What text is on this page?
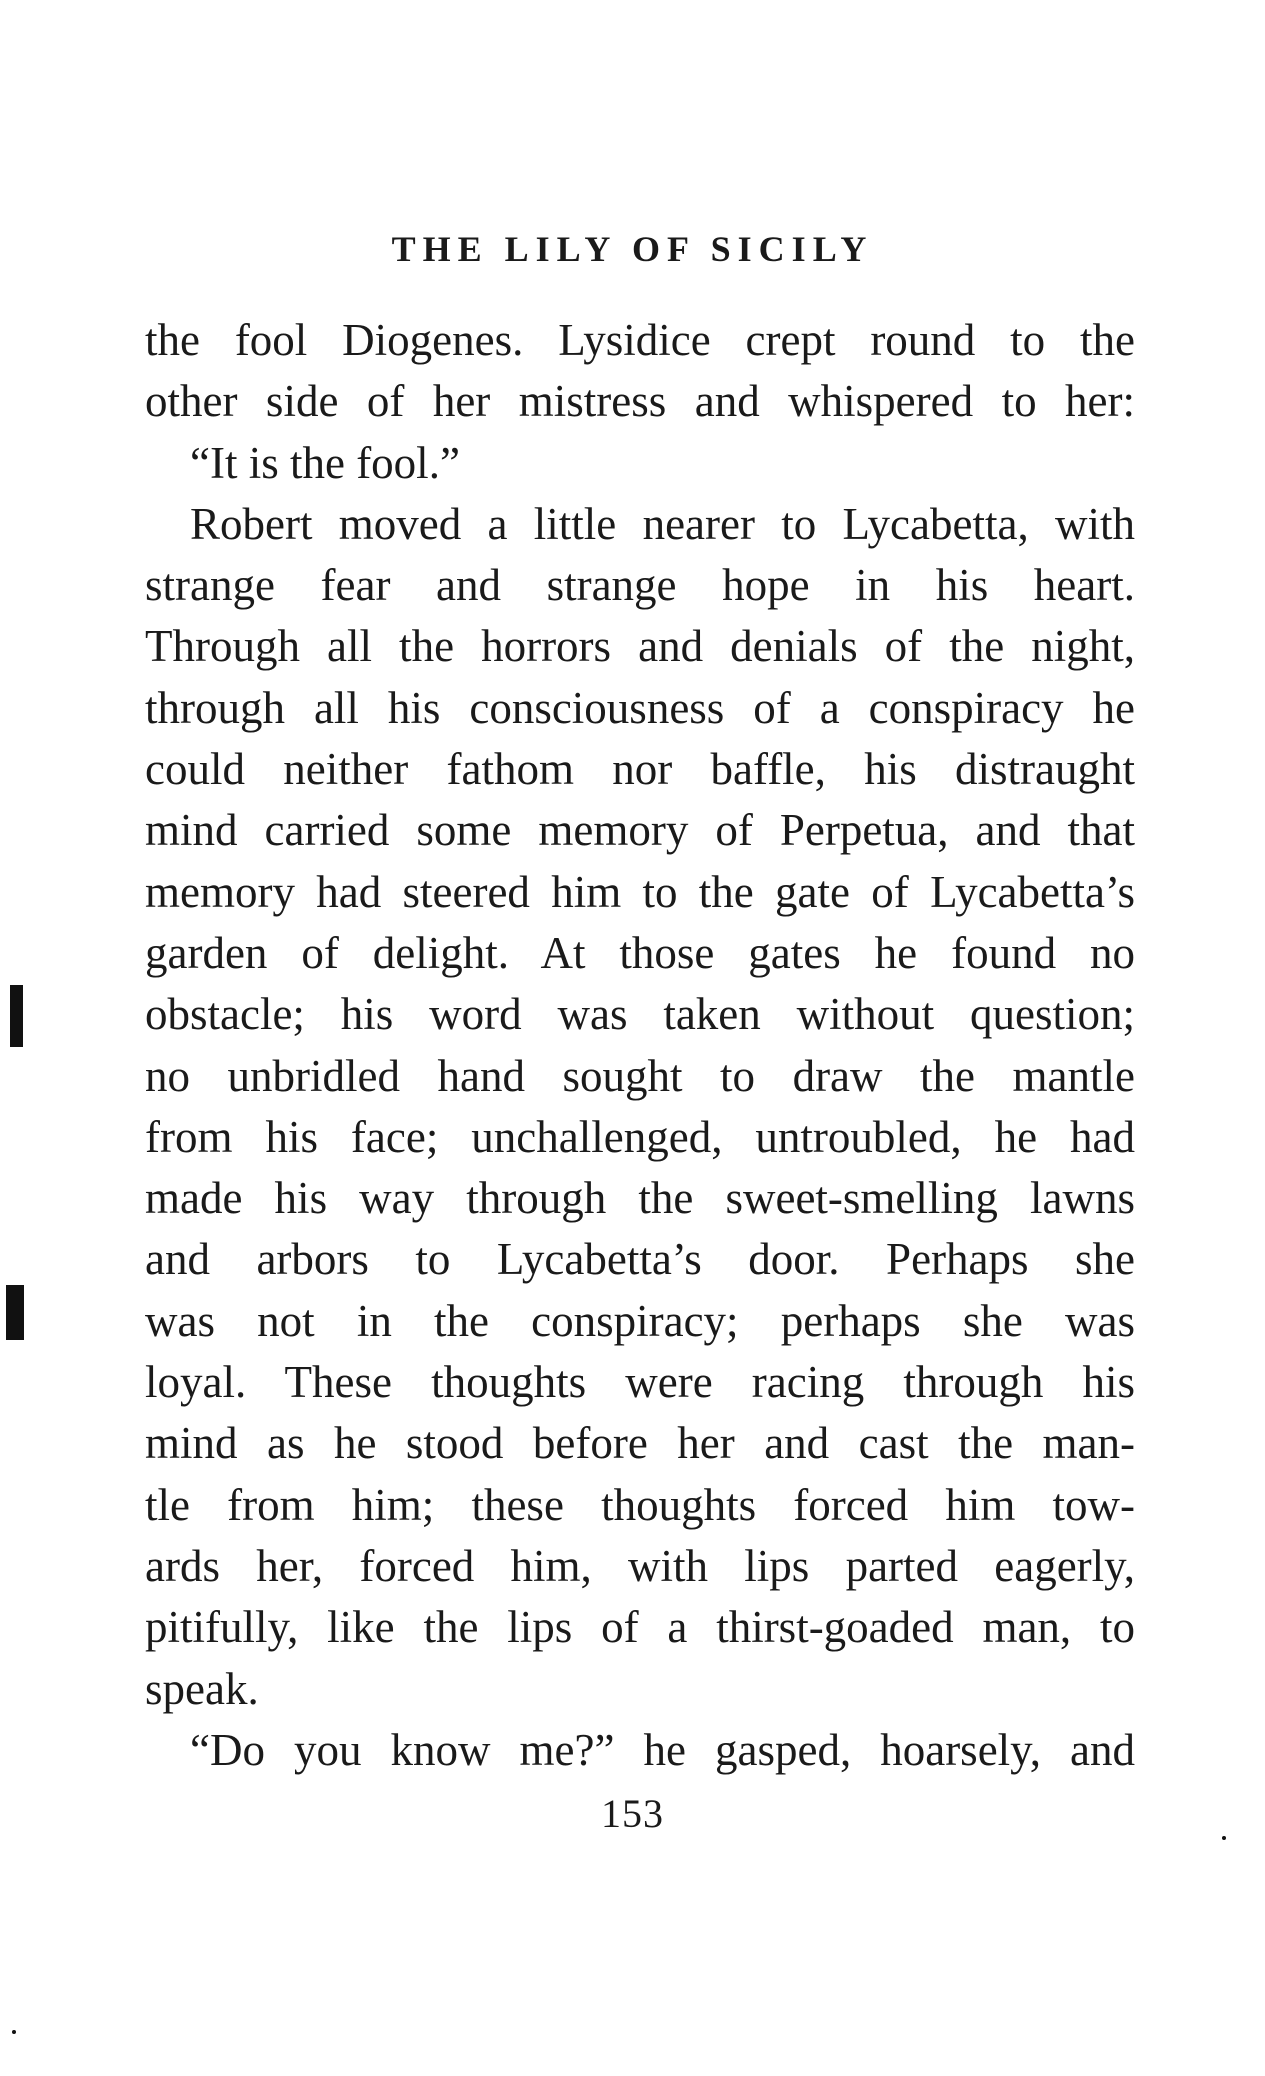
THE LILY OF SICILY
the fool Diogenes. Lysidice crept round to the
other side of her mistress and whispered to her:
“It is the fool.”
Robert moved a little nearer to Lycabetta, with
strange fear and strange hope in his heart.
Through all the horrors and denials of the night,
through all his consciousness of a conspiracy he
could neither fathom nor baffle, his distraught
mind carried some memory of Perpetua, and that
memory had steered him to the gate of Lycabetta’s
garden of delight. At those gates he found no
obstacle; his word was taken without question;
no unbridled hand sought to draw the mantle
from his face; unchallenged, untroubled, he had
made his way through the sweet-smelling lawns
and arbors to Lycabetta’s door. Perhaps she
was not in the conspiracy; perhaps she was
loyal. These thoughts were racing through his
mind as he stood before her and cast the man-
tle from him; these thoughts forced him tow-
ards her, forced him, with lips parted eagerly,
pitifully, like the lips of a thirst-goaded man, to
speak.
“Do you know me?” he gasped, hoarsely, and
153
